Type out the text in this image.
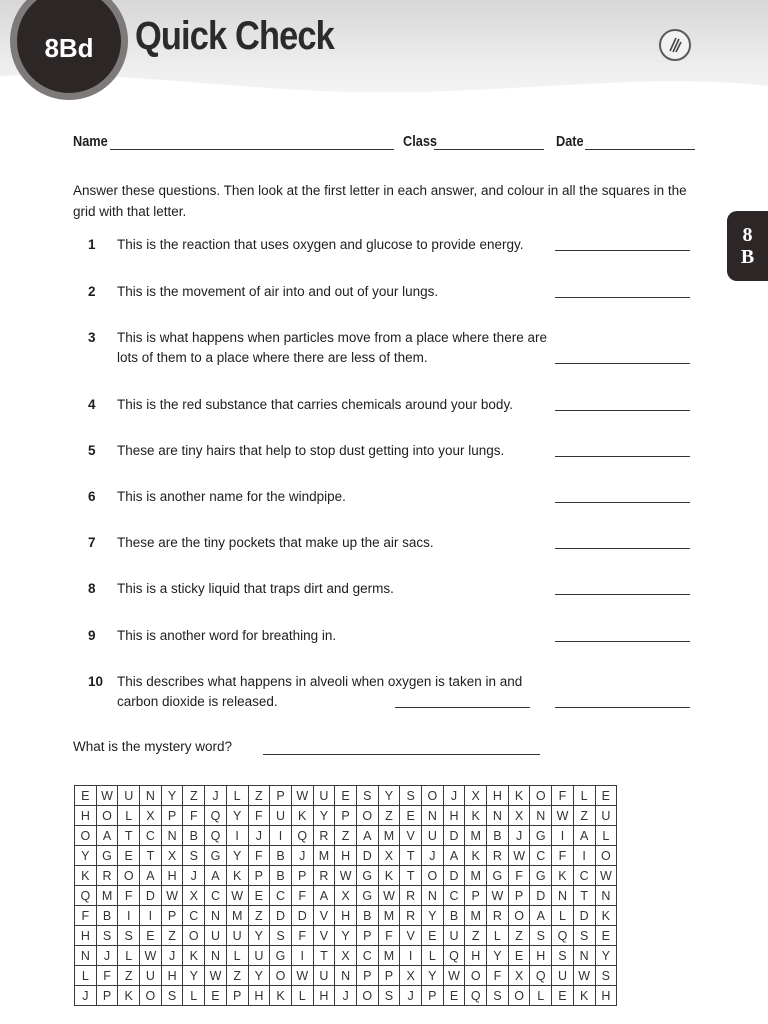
8Bd Quick Check
8
B
Name	Class	Date

Answer these questions. Then look at the first letter in each answer, and colour in all the squares in the grid with that letter.

1 This is the reaction that uses oxygen and glucose to provide energy.
2 This is the movement of air into and out of your lungs.
3 This is what happens when particles move from a place where there are lots of them to a place where there are less of them.
4 This is the red substance that carries chemicals around your body.
5 These are tiny hairs that help to stop dust getting into your lungs.
6 This is another name for the windpipe.
7 These are the tiny pockets that make up the air sacs.
8 This is a sticky liquid that traps dirt and germs.
9 This is another word for breathing in.
10 This describes what happens in alveoli when oxygen is taken in and carbon dioxide is released.
What is the mystery word?
E	W	U	N	Y	Z	J	L	Z	P	W	U	E	S	Y	S	O	J	X	H	K	O	F	L	E
H	O	L	X	P	F	Q	Y	F	U	K	Y	P	O	Z	E	N	H	K	N	X	N	W	Z	U
O	A	T	C	N	B	Q	I	J	I	Q	R	Z	A	M	V	U	D	M	B	J	G	I	A	L
Y	G	E	T	X	S	G	Y	F	B	J	M	H	D	X	T	J	A	K	R	W	C	F	I	O
K	R	O	A	H	J	A	K	P	B	P	R	W	G	K	T	O	D	M	G	F	G	K	C	W
Q	M	F	D	W	X	C	W	E	C	F	A	X	G	W	R	N	C	P	W	P	D	N	T	N
F	B	I	I	P	C	N	M	Z	D	D	V	H	B	M	R	Y	B	M	R	O	A	L	D	K
H	S	S	E	Z	O	U	U	Y	S	F	V	Y	P	F	V	E	U	Z	L	Z	S	Q	S	E
N	J	L	W	J	K	N	L	U	G	I	T	X	C	M	I	L	Q	H	Y	E	H	S	N	Y
L	F	Z	U	H	Y	W	Z	Y	O	W	U	N	P	P	X	Y	W	O	F	X	Q	U	W	S
J	P	K	O	S	L	E	P	H	K	L	H	J	O	S	J	P	E	Q	S	O	L	E	K	H
